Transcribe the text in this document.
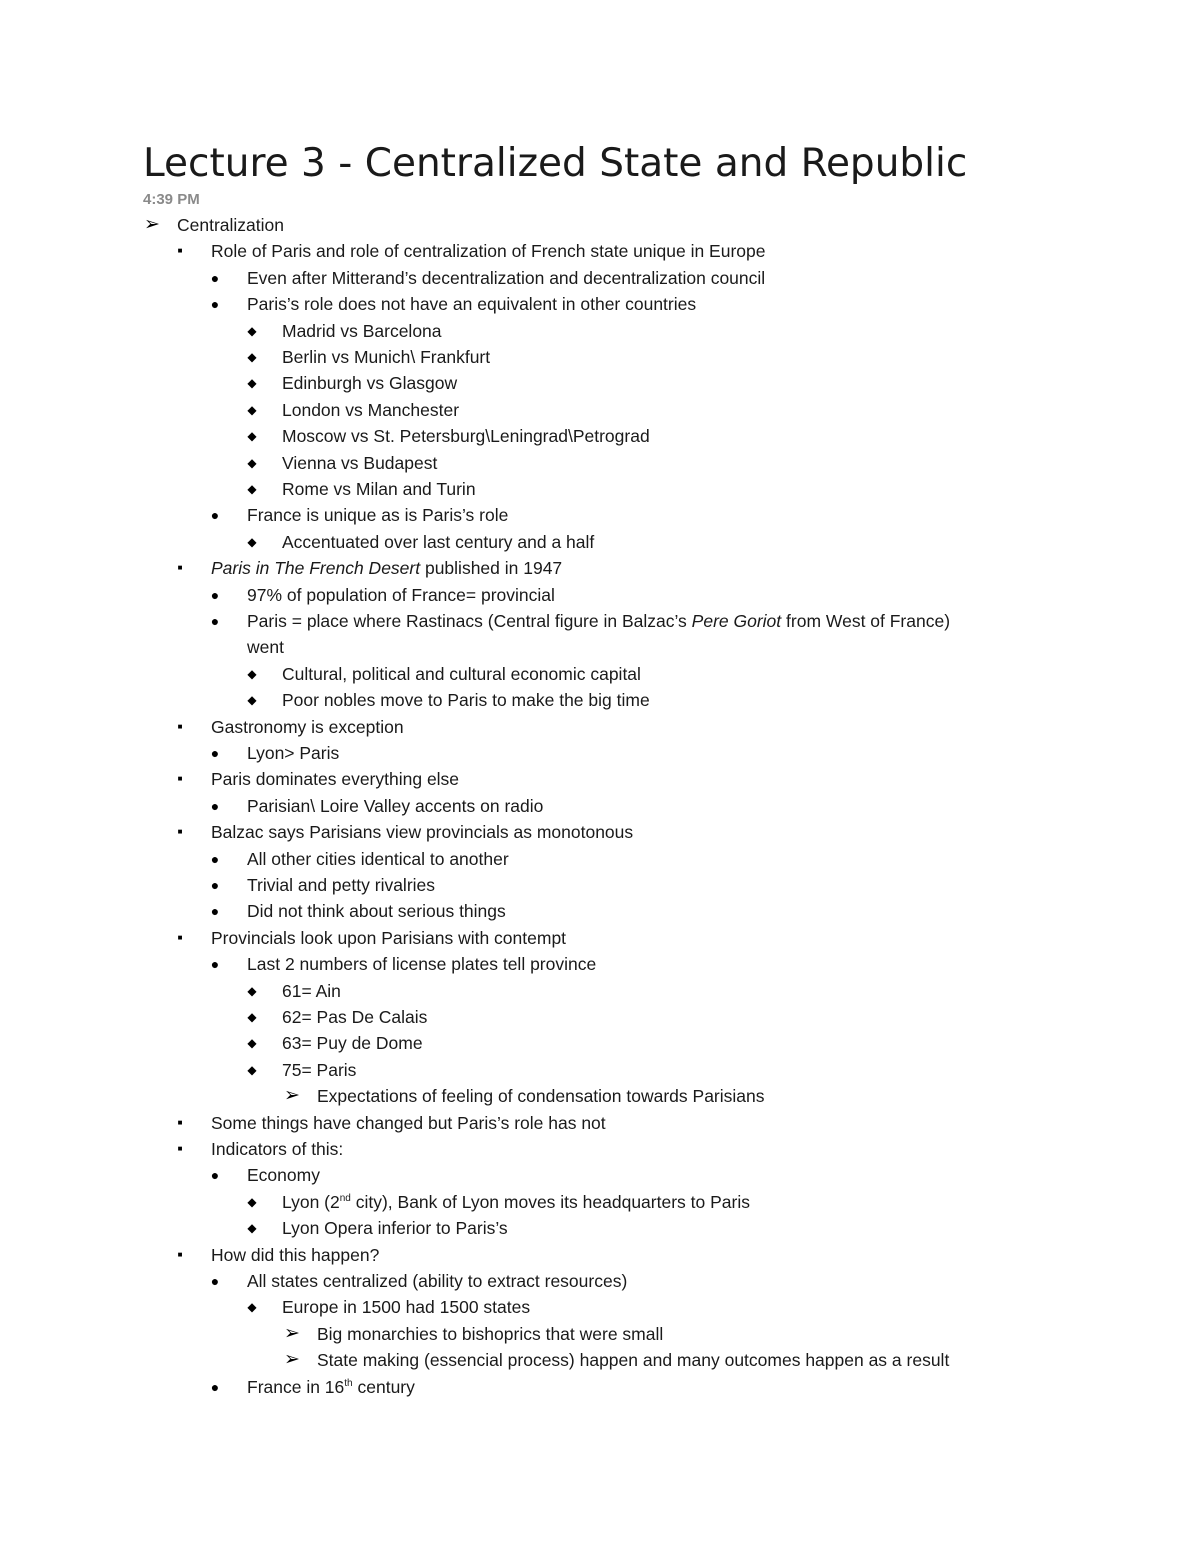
Lecture 3 - Centralized State and Republic
4:39 PM
➢ Centralization
■ Role of Paris and role of centralization of French state unique in Europe
● Even after Mitterand’s decentralization and decentralization council
● Paris’s role does not have an equivalent in other countries
◆ Madrid vs Barcelona
◆ Berlin vs Munich\ Frankfurt
◆ Edinburgh vs Glasgow
◆ London vs Manchester
◆ Moscow vs St. Petersburg\Leningrad\Petrograd
◆ Vienna vs Budapest
◆ Rome vs Milan and Turin
● France is unique as is Paris’s role
◆ Accentuated over last century and a half
■ Paris in The French Desert published in 1947
● 97% of population of France= provincial
● Paris = place where Rastinacs (Central figure in Balzac’s Pere Goriot from West of France)
went
◆ Cultural, political and cultural economic capital
◆ Poor nobles move to Paris to make the big time
■ Gastronomy is exception
● Lyon> Paris
■ Paris dominates everything else
● Parisian\ Loire Valley accents on radio
■ Balzac says Parisians view provincials as monotonous
● All other cities identical to another
● Trivial and petty rivalries
● Did not think about serious things
■ Provincials look upon Parisians with contempt
● Last 2 numbers of license plates tell province
◆ 61= Ain
◆ 62= Pas De Calais
◆ 63= Puy de Dome
◆ 75= Paris
➢ Expectations of feeling of condensation towards Parisians
■ Some things have changed but Paris’s role has not
■ Indicators of this:
● Economy
◆ Lyon (2nd city), Bank of Lyon moves its headquarters to Paris
◆ Lyon Opera inferior to Paris’s
■ How did this happen?
● All states centralized (ability to extract resources)
◆ Europe in 1500 had 1500 states
➢ Big monarchies to bishoprics that were small
➢ State making (essencial process) happen and many outcomes happen as a result
● France in 16th century
